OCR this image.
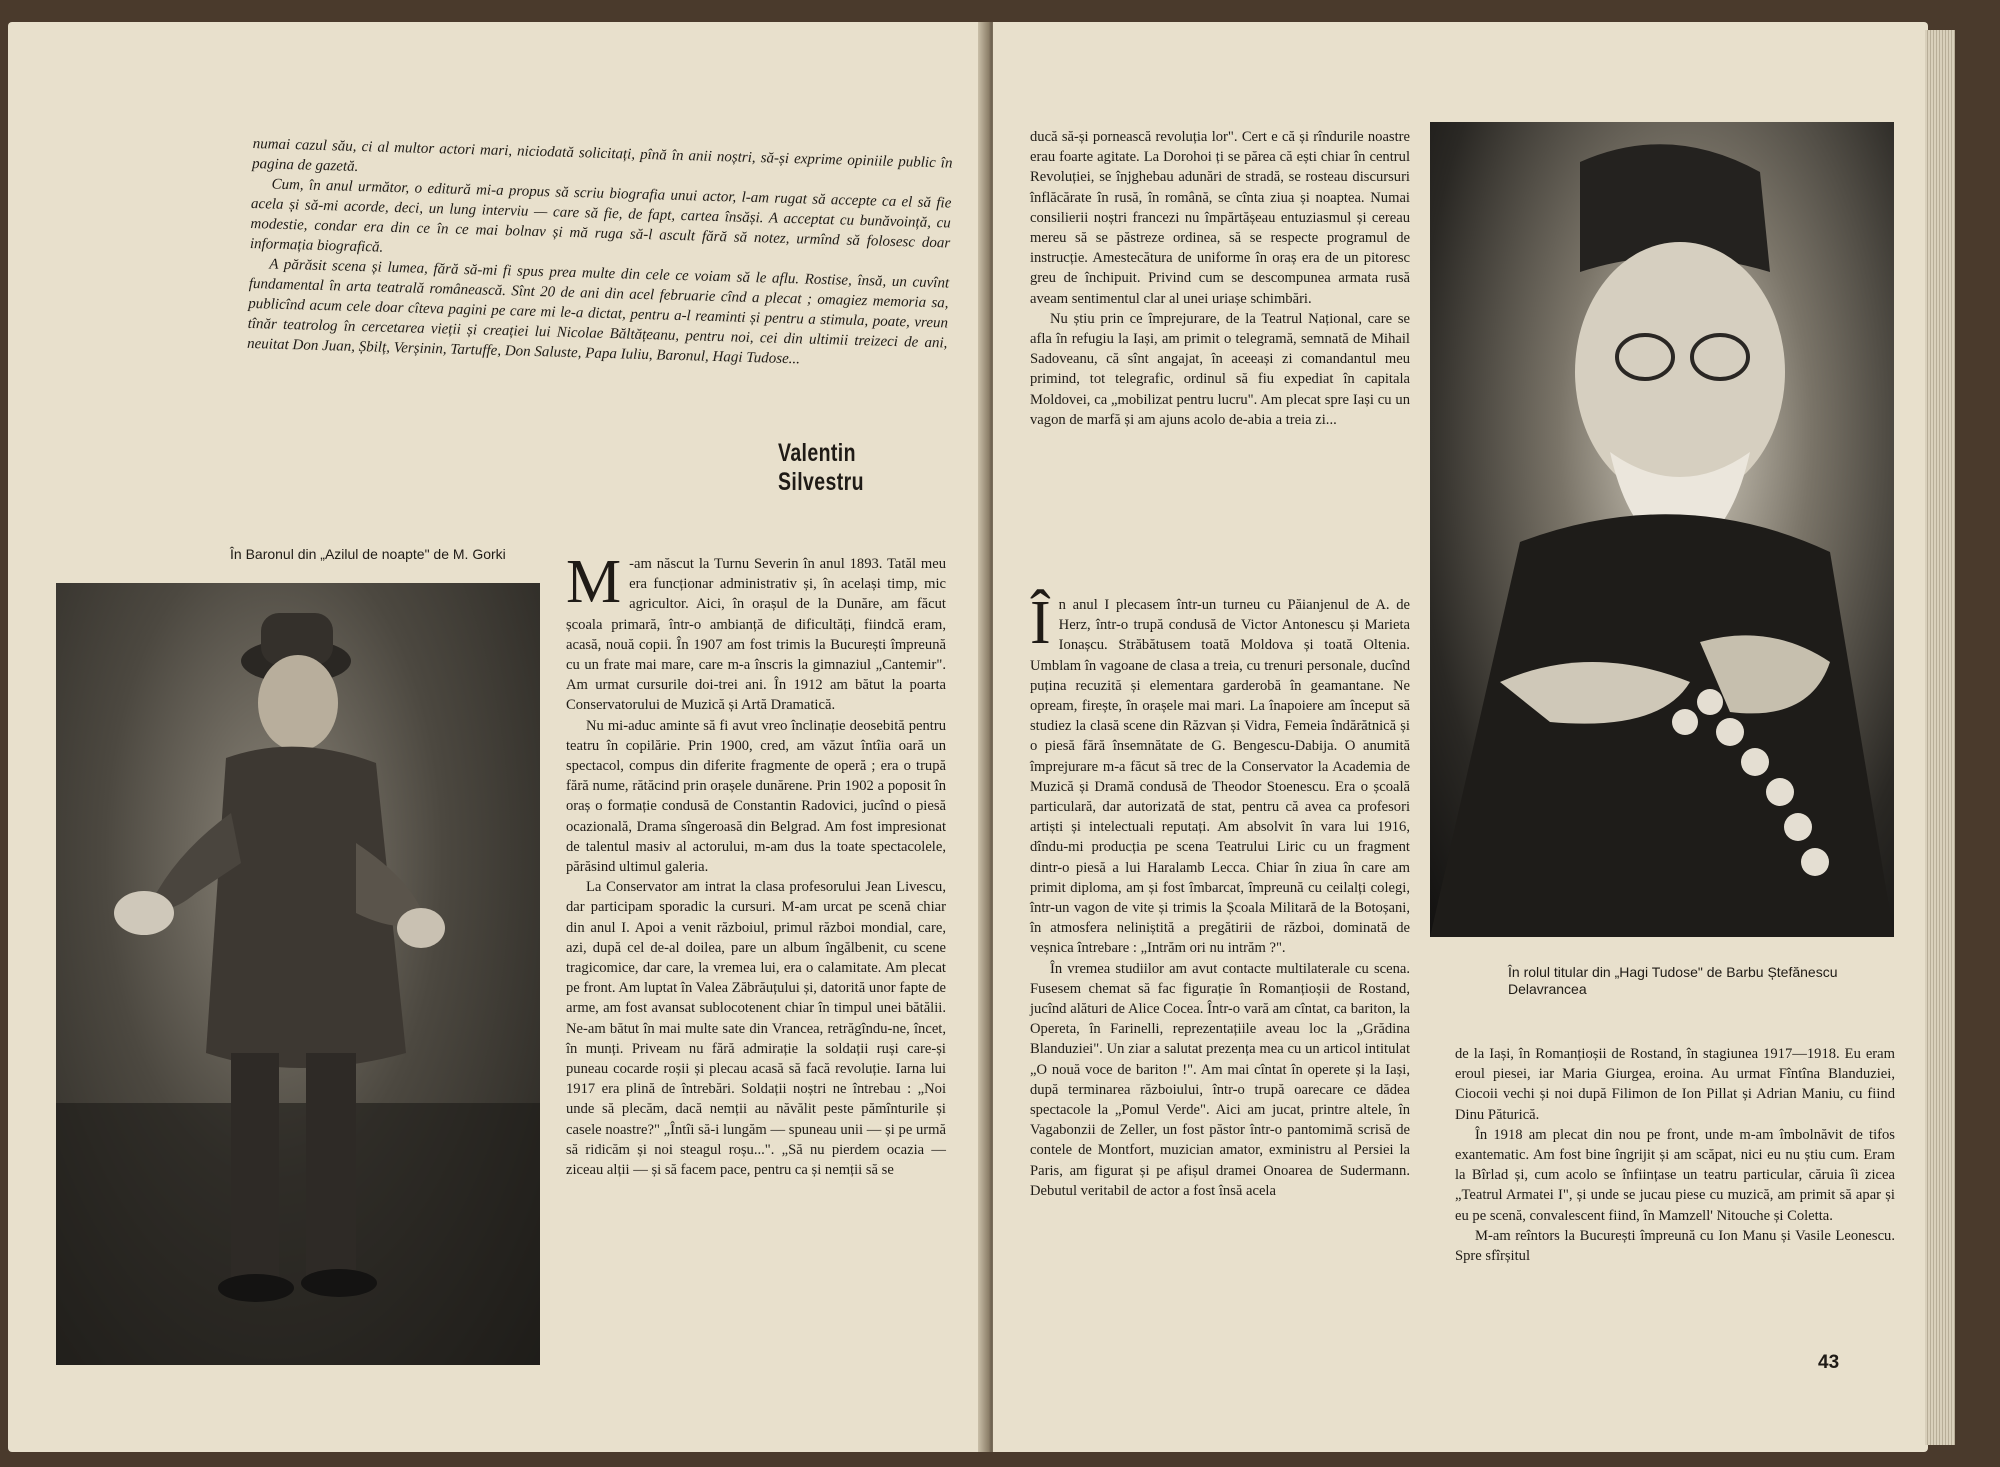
numai cazul său, ci al multor actori mari, niciodată solicitați, pînă în anii noștri, să-și exprime opiniile public în pagina de gazetă.

Cum, în anul următor, o editură mi-a propus să scriu biografia unui actor, l-am rugat să accepte ca el să fie acela și să-mi acorde, deci, un lung interviu — care să fie, de fapt, cartea însăși. A acceptat cu bunăvoință, cu modestie, condar era din ce în ce mai bolnav și mă ruga să-l ascult fără să notez, urmînd să folosesc doar informația biografică.

A părăsit scena și lumea, fără să-mi fi spus prea multe din cele ce voiam să le aflu. Rostise, însă, un cuvînt fundamental în arta teatrală românească. Sînt 20 de ani din acel februarie cînd a plecat ; omagiez memoria sa, publicînd acum cele doar cîteva pagini pe care mi le-a dictat, pentru a-l reaminti și pentru a stimula, poate, vreun tînăr teatrolog în cercetarea vieții și creației lui Nicolae Băltățeanu, pentru noi, cei din ultimii treizeci de ani, neuitat Don Juan, Șbilț, Verșinin, Tartuffe, Don Saluste, Papa Iuliu, Baronul, Hagi Tudose...

Valentin Silvestru
În Baronul din „Azilul de noapte" de M. Gorki M -am născut la Turnu Severin în anul 1893. Tatăl meu era funcționar administrativ și, în același timp, mic agricultor. Aici, în orașul de la Dunăre, am făcut școala primară, într-o ambianță de dificultăți, fiindcă eram, acasă, nouă copii. În 1907 am fost trimis la București împreună cu un frate mai mare, care m-a înscris la gimnaziul „Cantemir". Am urmat cursurile doi-trei ani. În 1912 am bătut la poarta Conservatorului de Muzică și Artă Dramatică.

Nu mi-aduc aminte să fi avut vreo înclinație deosebită pentru teatru în copilărie. Prin 1900, cred, am văzut întîia oară un spectacol, compus din diferite fragmente de operă ; era o trupă fără nume, rătăcind prin orașele dunărene. Prin 1902 a poposit în oraș o formație condusă de Constantin Radovici, jucînd o piesă ocazională, Drama sîngeroasă din Belgrad. Am fost impresionat de talentul masiv al actorului, m-am dus la toate spectacolele, părăsind ultimul galeria.

La Conservator am intrat la clasa profesorului Jean Livescu, dar participam sporadic la cursuri. M-am urcat pe scenă chiar din anul I. Apoi a venit războiul, primul război mondial, care, azi, după cel de-al doilea, pare un album îngălbenit, cu scene tragicomice, dar care, la vremea lui, era o calamitate. Am plecat pe front. Am luptat în Valea Zăbrăuțului și, datorită unor fapte de arme, am fost avansat sublocotenent chiar în timpul unei bătălii. Ne-am bătut în mai multe sate din Vrancea, retrăgîndu-ne, încet, în munți. Priveam nu fără admirație la soldații ruși care-și puneau cocarde roșii și plecau acasă să facă revoluție. Iarna lui 1917 era plină de întrebări. Soldații noștri ne întrebau : „Noi unde să plecăm, dacă nemții au năvălit peste pămînturile și casele noastre?" „Întîi să-i lungăm — spuneau unii — și pe urmă să ridicăm și noi steagul roșu...". „Să nu pierdem ocazia — ziceau alții — și să facem pace, pentru ca și nemții să se

ducă să-și pornească revoluția lor". Cert e că și rîndurile noastre erau foarte agitate. La Dorohoi ți se părea că ești chiar în centrul Revoluției, se înjghebau adunări de stradă, se rosteau discursuri înflăcărate în rusă, în română, se cînta ziua și noaptea. Numai consilierii noștri francezi nu împărtășeau entuziasmul și cereau mereu să se păstreze ordinea, să se respecte programul de instrucție. Amestecătura de uniforme în oraș era de un pitoresc greu de închipuit. Privind cum se descompunea armata rusă aveam sentimentul clar al unei uriașe schimbări.

Nu știu prin ce împrejurare, de la Teatrul Național, care se afla în refugiu la Iași, am primit o telegramă, semnată de Mihail Sadoveanu, că sînt angajat, în aceeași zi comandantul meu primind, tot telegrafic, ordinul să fiu expediat în capitala Moldovei, ca „mobilizat pentru lucru". Am plecat spre Iași cu un vagon de marfă și am ajuns acolo de-abia a treia zi...

În anul I plecasem într-un turneu cu Păianjenul de A. de Herz, într-o trupă condusă de Victor Antonescu și Marieta Ionașcu. Străbătusem toată Moldova și toată Oltenia. Umblam în vagoane de clasa a treia, cu trenuri personale, ducînd puțina recuzită și elementara garderobă în geamantane. Ne opream, firește, în orașele mai mari. La înapoiere am început să studiez la clasă scene din Răzvan și Vidra, Femeia îndărătnică și o piesă fără însemnătate de G. Bengescu-Dabija. O anumită împrejurare m-a făcut să trec de la Conservator la Academia de Muzică și Dramă condusă de Theodor Stoenescu. Era o școală particulară, dar autorizată de stat, pentru că avea ca profesori artiști și intelectuali reputați. Am absolvit în vara lui 1916, dîndu-mi producția pe scena Teatrului Liric cu un fragment dintr-o piesă a lui Haralamb Lecca. Chiar în ziua în care am primit diploma, am și fost îmbarcat, împreună cu ceilalți colegi, într-un vagon de vite și trimis la Școala Militară de la Botoșani, în atmosfera neliniștită a pregătirii de război, dominată de veșnica întrebare : „Intrăm ori nu intrăm ?".

În vremea studiilor am avut contacte multilaterale cu scena. Fusesem chemat să fac figurație în Romanțioșii de Rostand, jucînd alături de Alice Cocea. Într-o vară am cîntat, ca bariton, la Opereta, în Farinelli, reprezentațiile aveau loc la „Grădina Blanduziei". Un ziar a salutat prezența mea cu un articol intitulat „O nouă voce de bariton !". Am mai cîntat în operete și la Iași, după terminarea războiului, într-o trupă oarecare ce dădea spectacole la „Pomul Verde". Aici am jucat, printre altele, în Vagabonzii de Zeller, un fost păstor într-o pantomimă scrisă de contele de Montfort, muzician amator, exministru al Persiei la Paris, am figurat și pe afișul dramei Onoarea de Sudermann. Debutul veritabil de actor a fost însă acela

În rolul titular din „Hagi Tudose" de Barbu Ștefănescu Delavrancea

de la Iași, în Romanțioșii de Rostand, în stagiunea 1917—1918. Eu eram eroul piesei, iar Maria Giurgea, eroina. Au urmat Fîntîna Blanduziei, Ciocoii vechi și noi după Filimon de Ion Pillat și Adrian Maniu, cu fiind Dinu Păturică.

În 1918 am plecat din nou pe front, unde m-am îmbolnăvit de tifos exantematic. Am fost bine îngrijit și am scăpat, nici eu nu știu cum. Eram la Bîrlad și, cum acolo se înființase un teatru particular, căruia îi zicea „Teatrul Armatei I", și unde se jucau piese cu muzică, am primit să apar și eu pe scenă, convalescent fiind, în Mamzell' Nitouche și Coletta.

M-am reîntors la București împreună cu Ion Manu și Vasile Leonescu. Spre sfîrșitul

43
